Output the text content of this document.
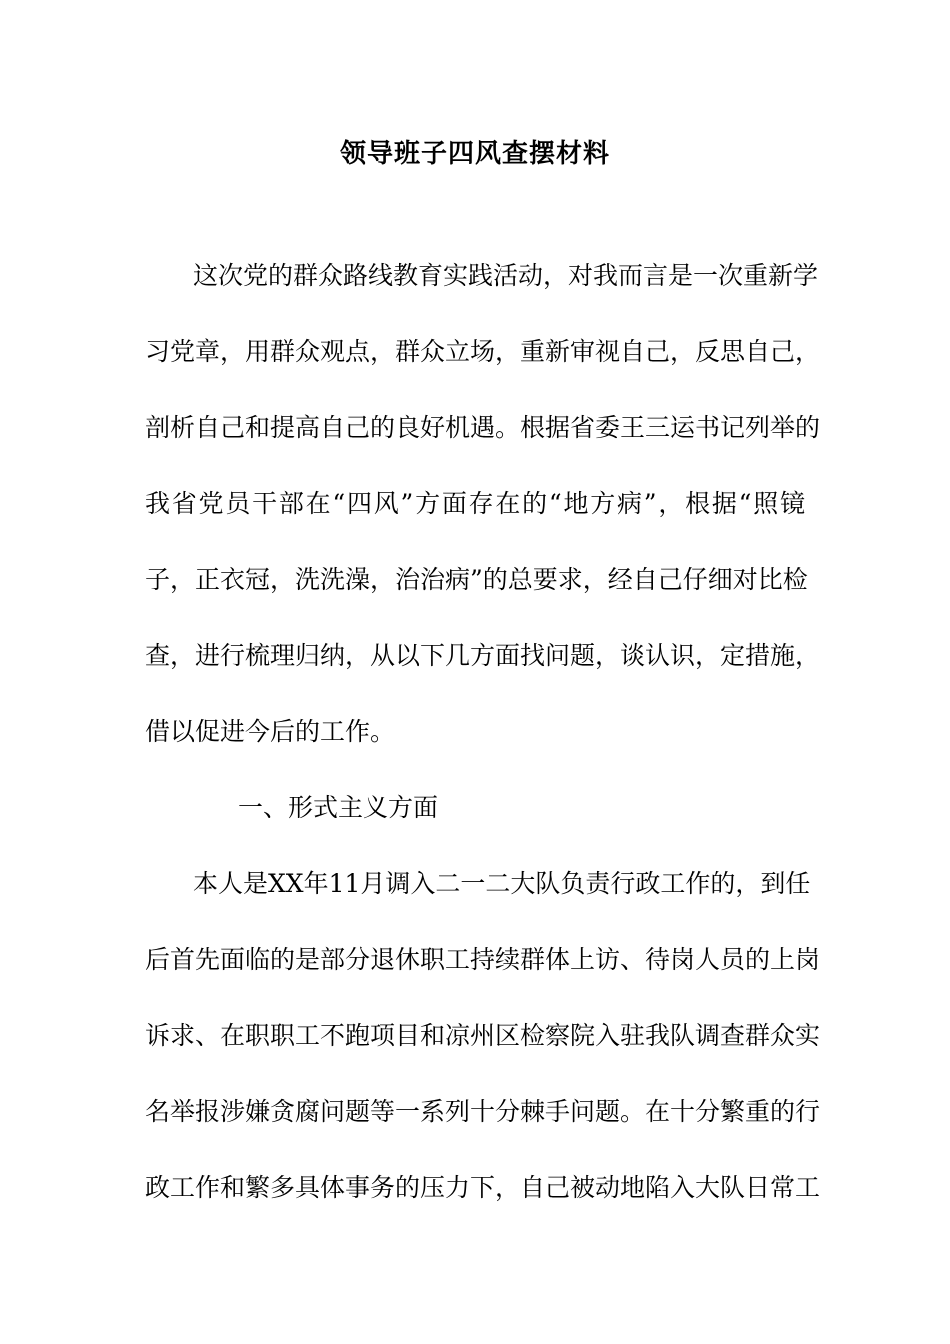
领导班子四风查摆材料
这次党的群众路线教育实践活动，对我而言是一次重新学
习党章，用群众观点，群众立场，重新审视自己，反思自己，
剖析自己和提高自己的良好机遇。根据省委王三运书记列举的
我省党员干部在“四风”方面存在的“地方病”，根据“照镜
子，正衣冠，洗洗澡，治治病”的总要求，经自己仔细对比检
查，进行梳理归纳，从以下几方面找问题，谈认识，定措施，
借以促进今后的工作。
一、形式主义方面
本人是XX年11月调入二一二大队负责行政工作的，到任
后首先面临的是部分退休职工持续群体上访、待岗人员的上岗
诉求、在职职工不跑项目和凉州区检察院入驻我队调查群众实
名举报涉嫌贪腐问题等一系列十分棘手问题。在十分繁重的行
政工作和繁多具体事务的压力下，自己被动地陷入大队日常工
